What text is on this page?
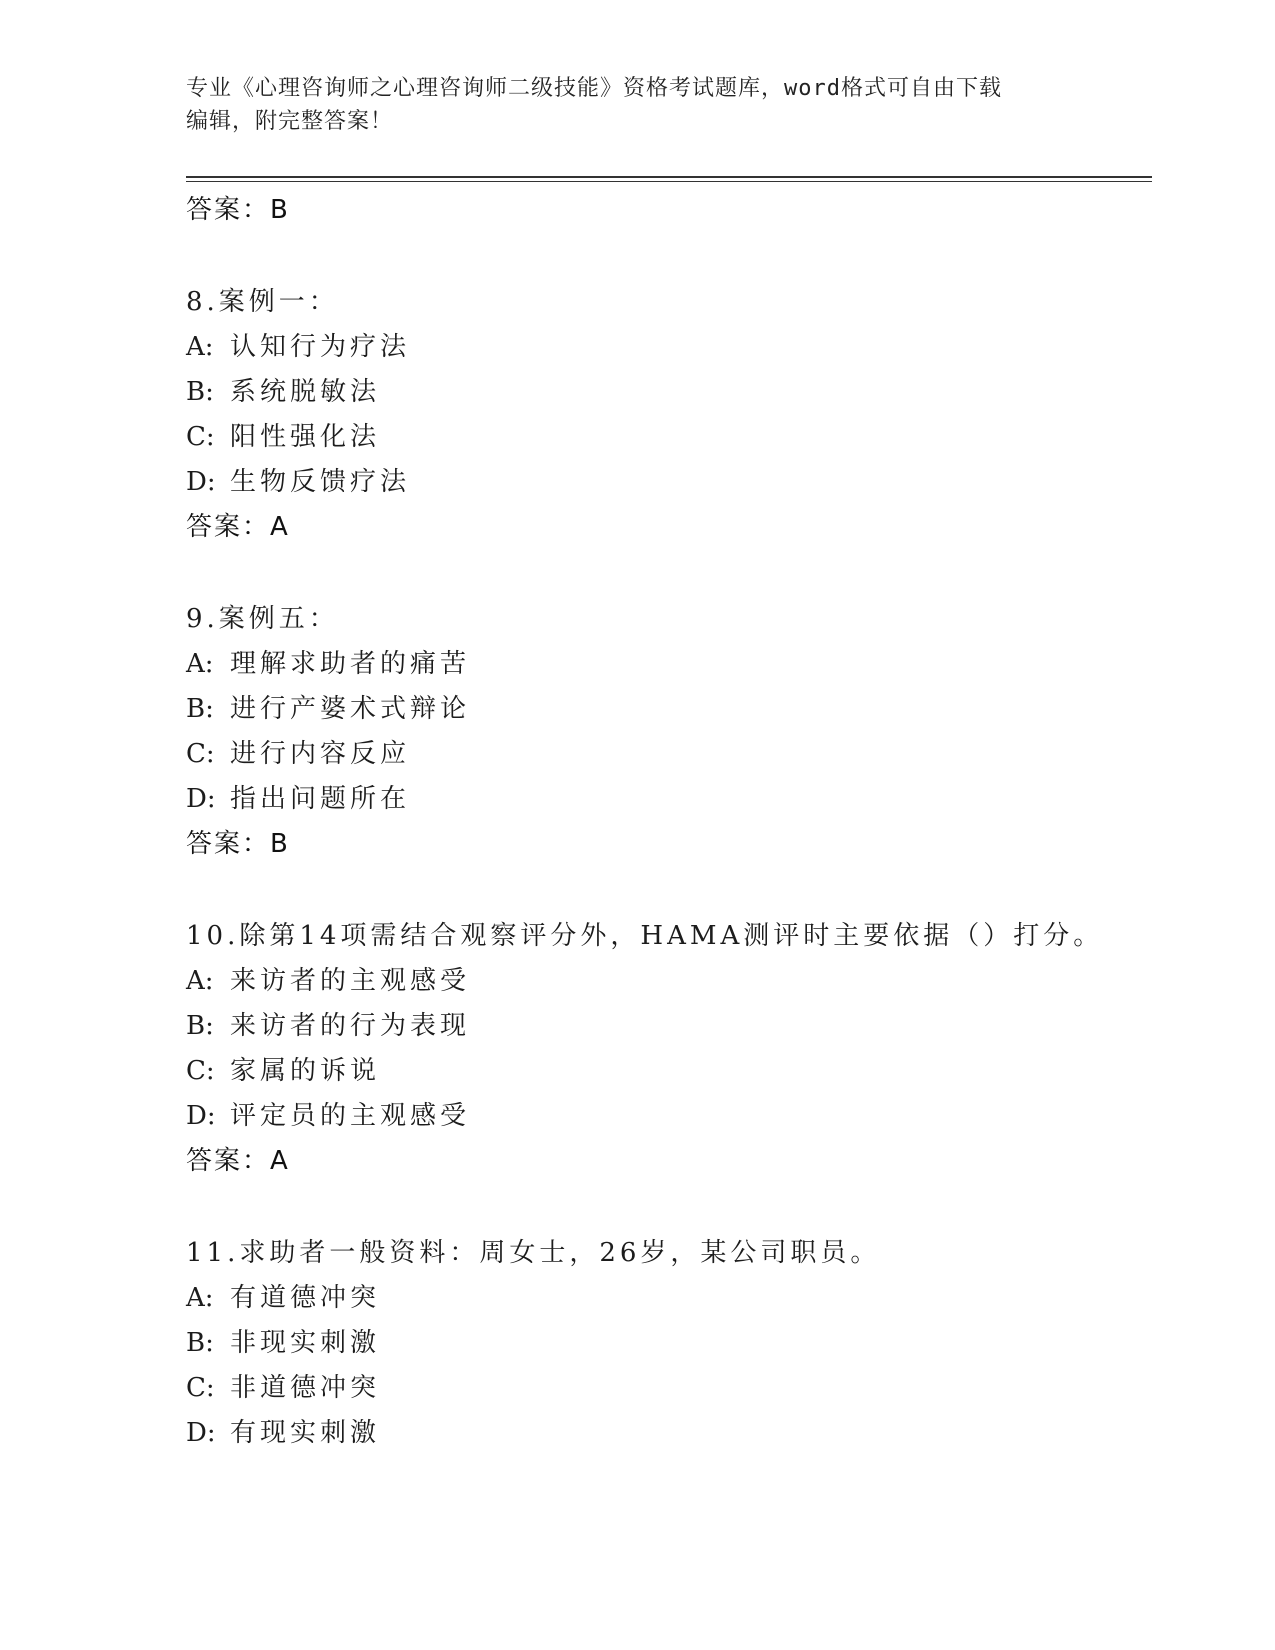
专业《心理咨询师之心理咨询师二级技能》资格考试题库，word格式可自由下载
编辑，附完整答案！
答案：B
8.案例一：
A: 认知行为疗法
B: 系统脱敏法
C: 阳性强化法
D: 生物反馈疗法
答案：A
9.案例五：
A: 理解求助者的痛苦
B: 进行产婆术式辩论
C: 进行内容反应
D: 指出问题所在
答案：B
10.除第14项需结合观察评分外，HAMA测评时主要依据（）打分。
A: 来访者的主观感受
B: 来访者的行为表现
C: 家属的诉说
D: 评定员的主观感受
答案：A
11.求助者一般资料：周女士，26岁，某公司职员。
A: 有道德冲突
B: 非现实刺激
C: 非道德冲突
D: 有现实刺激
